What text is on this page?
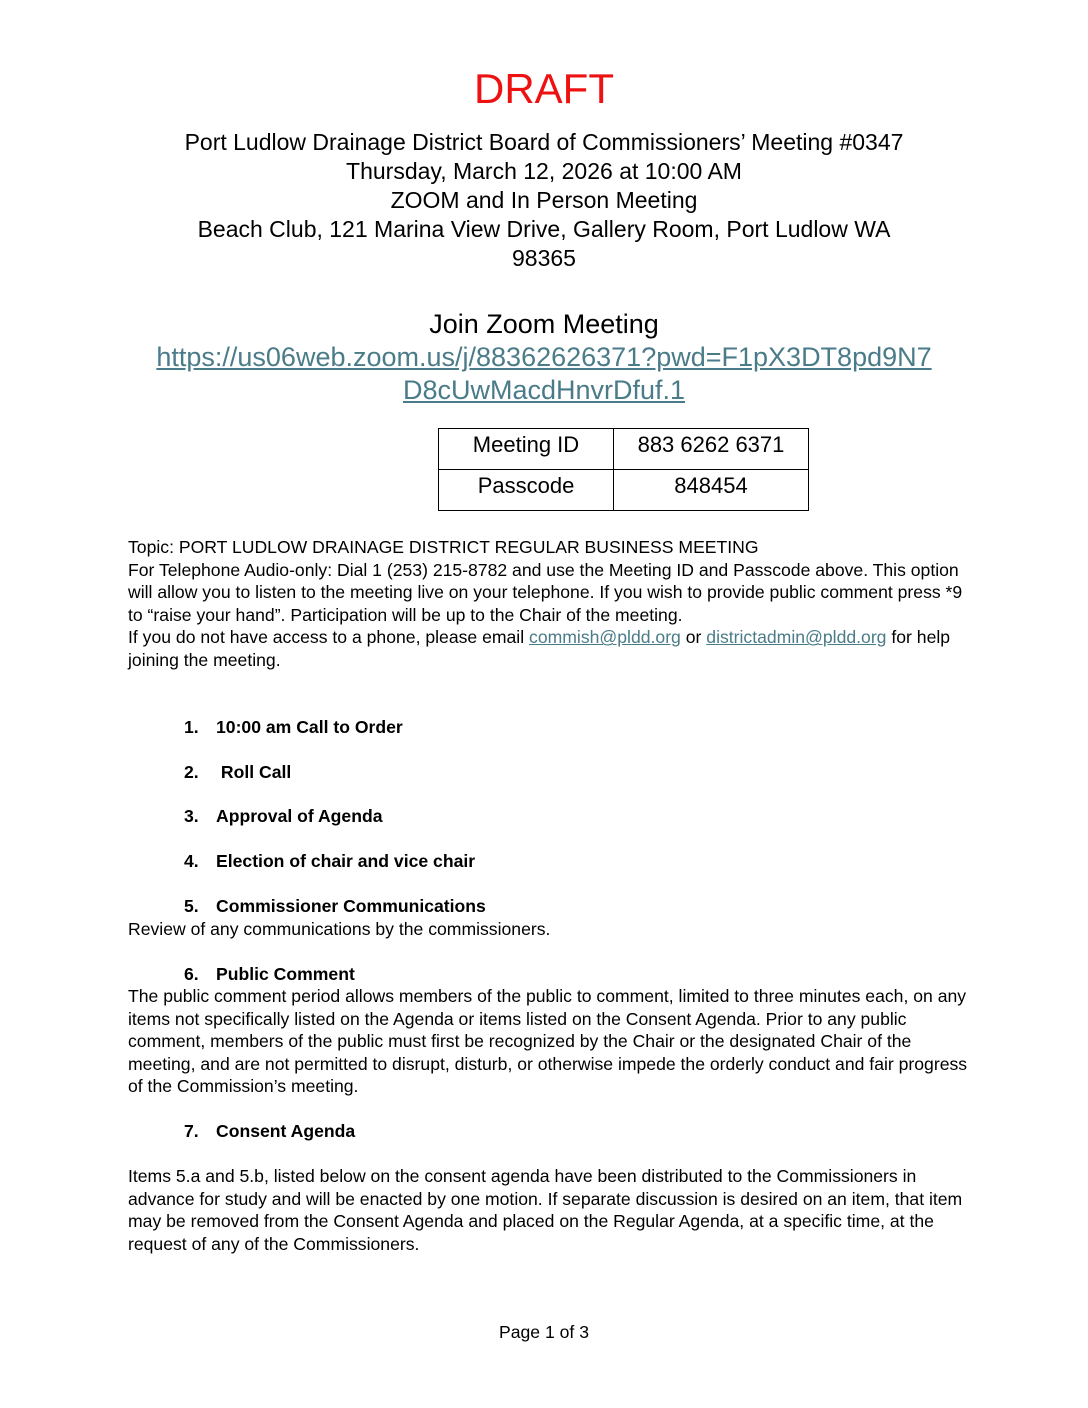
DRAFT
Port Ludlow Drainage District Board of Commissioners’ Meeting #0347
Thursday, March 12, 2026 at 10:00 AM
ZOOM and In Person Meeting
Beach Club, 121 Marina View Drive, Gallery Room, Port Ludlow WA
98365
Join Zoom Meeting
https://us06web.zoom.us/j/88362626371?pwd=F1pX3DT8pd9N7
D8cUwMacdHnvrDfuf.1
Meeting ID	883 6262 6371
Passcode	848454
Topic: PORT LUDLOW DRAINAGE DISTRICT REGULAR BUSINESS MEETING
For Telephone Audio-only: Dial 1 (253) 215-8782 and use the Meeting ID and Passcode above. This option will allow you to listen to the meeting live on your telephone. If you wish to provide public comment press *9 to “raise your hand”. Participation will be up to the Chair of the meeting.
If you do not have access to a phone, please email commish@pldd.org or districtadmin@pldd.org for help joining the meeting.
1. 10:00 am Call to Order
2. Roll Call
3. Approval of Agenda
4. Election of chair and vice chair
5. Commissioner Communications
Review of any communications by the commissioners.
6. Public Comment
The public comment period allows members of the public to comment, limited to three minutes each, on any items not specifically listed on the Agenda or items listed on the Consent Agenda. Prior to any public comment, members of the public must first be recognized by the Chair or the designated Chair of the meeting, and are not permitted to disrupt, disturb, or otherwise impede the orderly conduct and fair progress of the Commission’s meeting.
7. Consent Agenda
Items 5.a and 5.b, listed below on the consent agenda have been distributed to the Commissioners in advance for study and will be enacted by one motion. If separate discussion is desired on an item, that item may be removed from the Consent Agenda and placed on the Regular Agenda, at a specific time, at the request of any of the Commissioners.
Page 1 of 3
